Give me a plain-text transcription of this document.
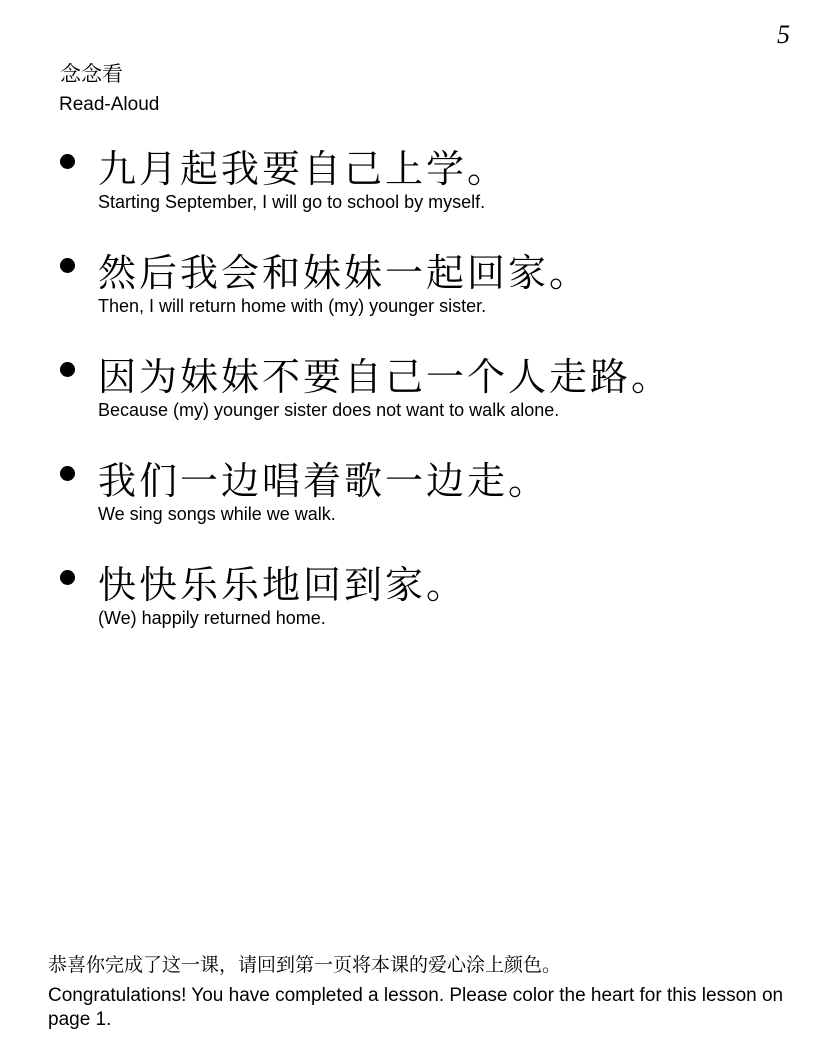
5
念念看
Read-Aloud
九月起我要自己上学。
Starting September, I will go to school by myself.
然后我会和妹妹一起回家。
Then, I will return home with (my) younger sister.
因为妹妹不要自己一个人走路。
Because (my) younger sister does not want to walk alone.
我们一边唱着歌一边走。
We sing songs while we walk.
快快乐乐地回到家。
(We) happily returned home.
恭喜你完成了这一课，请回到第一页将本课的爱心涂上颜色。
Congratulations! You have completed a lesson. Please color the heart for this lesson on page 1.
